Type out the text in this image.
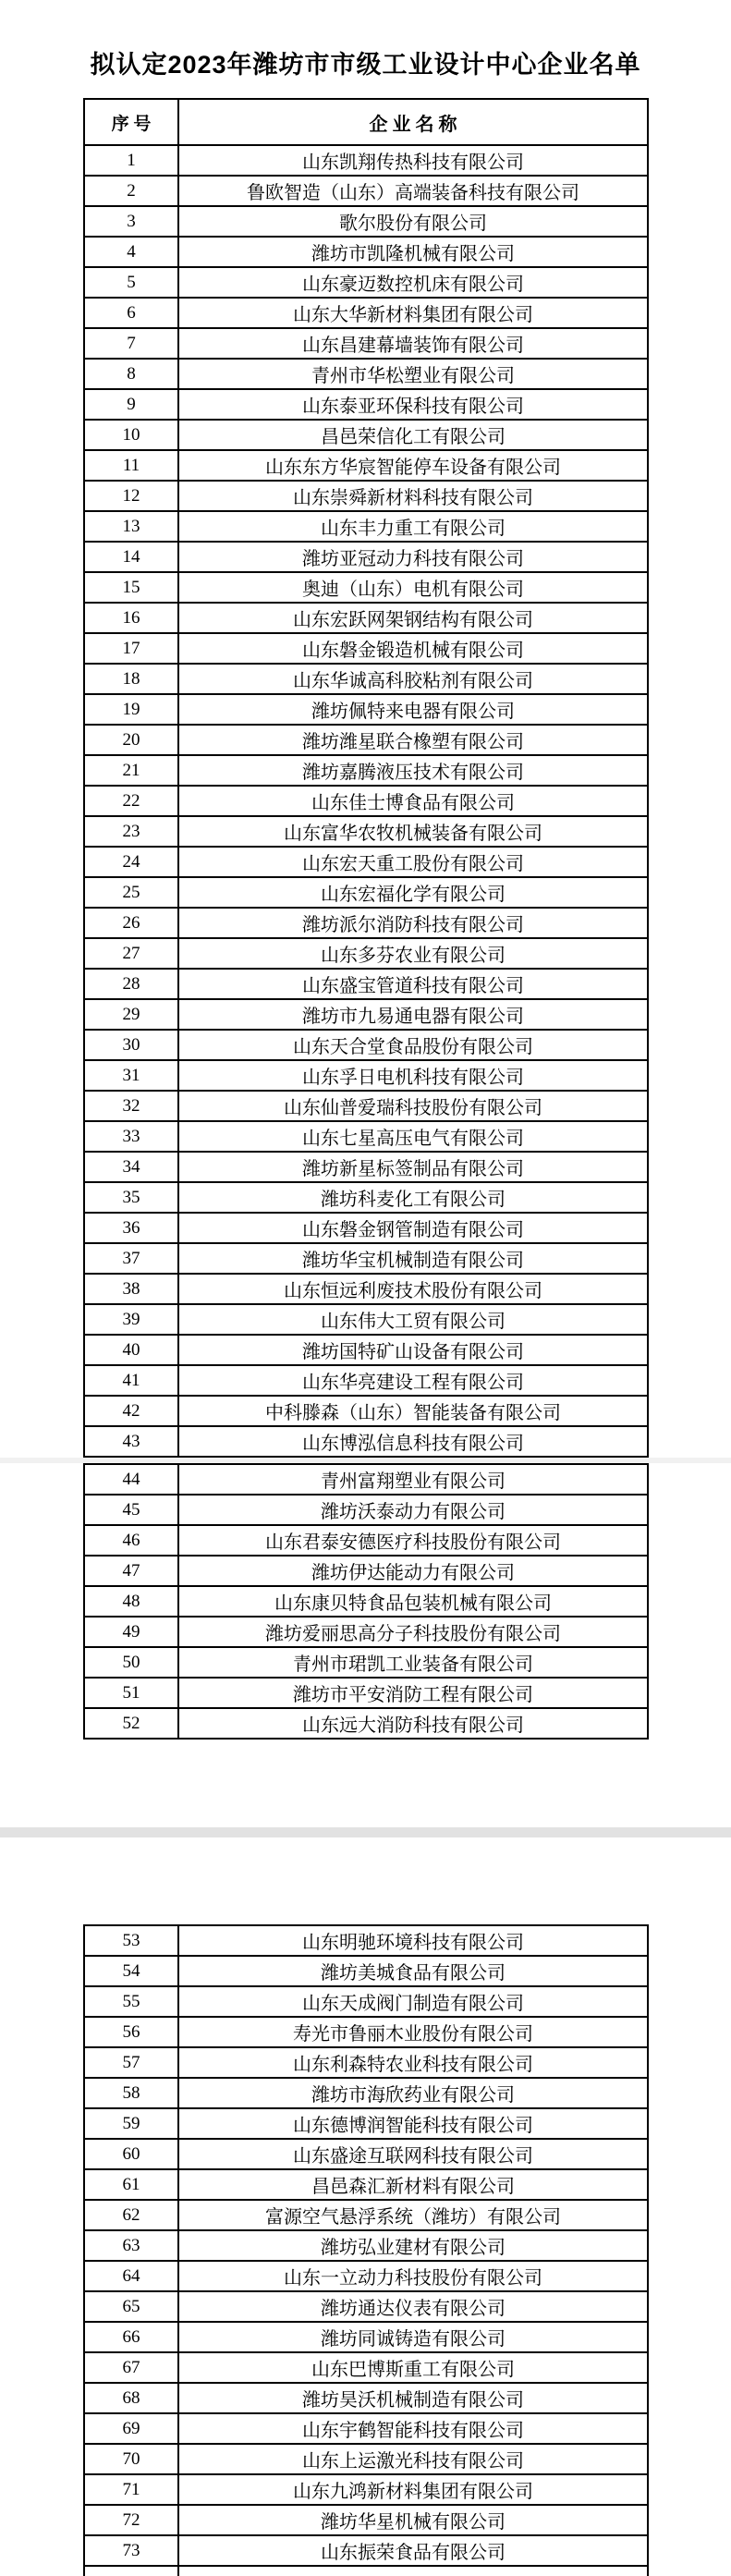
拟认定2023年潍坊市市级工业设计中心企业名单
序 号	企 业 名 称
1	山东凯翔传热科技有限公司
2	鲁欧智造（山东）高端装备科技有限公司
3	歌尔股份有限公司
4	潍坊市凯隆机械有限公司
5	山东豪迈数控机床有限公司
6	山东大华新材料集团有限公司
7	山东昌建幕墙装饰有限公司
8	青州市华松塑业有限公司
9	山东泰亚环保科技有限公司
10	昌邑荣信化工有限公司
11	山东东方华宸智能停车设备有限公司
12	山东崇舜新材料科技有限公司
13	山东丰力重工有限公司
14	潍坊亚冠动力科技有限公司
15	奥迪（山东）电机有限公司
16	山东宏跃网架钢结构有限公司
17	山东磐金锻造机械有限公司
18	山东华诚高科胶粘剂有限公司
19	潍坊佩特来电器有限公司
20	潍坊潍星联合橡塑有限公司
21	潍坊嘉腾液压技术有限公司
22	山东佳士博食品有限公司
23	山东富华农牧机械装备有限公司
24	山东宏天重工股份有限公司
25	山东宏福化学有限公司
26	潍坊派尔消防科技有限公司
27	山东多芬农业有限公司
28	山东盛宝管道科技有限公司
29	潍坊市九易通电器有限公司
30	山东天合堂食品股份有限公司
31	山东孚日电机科技有限公司
32	山东仙普爱瑞科技股份有限公司
33	山东七星高压电气有限公司
34	潍坊新星标签制品有限公司
35	潍坊科麦化工有限公司
36	山东磐金钢管制造有限公司
37	潍坊华宝机械制造有限公司
38	山东恒远利废技术股份有限公司
39	山东伟大工贸有限公司
40	潍坊国特矿山设备有限公司
41	山东华亮建设工程有限公司
42	中科滕森（山东）智能装备有限公司
43	山东博泓信息科技有限公司
44	青州富翔塑业有限公司
45	潍坊沃泰动力有限公司
46	山东君泰安德医疗科技股份有限公司
47	潍坊伊达能动力有限公司
48	山东康贝特食品包装机械有限公司
49	潍坊爱丽思高分子科技股份有限公司
50	青州市珺凯工业装备有限公司
51	潍坊市平安消防工程有限公司
52	山东远大消防科技有限公司
53	山东明驰环境科技有限公司
54	潍坊美城食品有限公司
55	山东天成阀门制造有限公司
56	寿光市鲁丽木业股份有限公司
57	山东利森特农业科技有限公司
58	潍坊市海欣药业有限公司
59	山东德博润智能科技有限公司
60	山东盛途互联网科技有限公司
61	昌邑森汇新材料有限公司
62	富源空气悬浮系统（潍坊）有限公司
63	潍坊弘业建材有限公司
64	山东一立动力科技股份有限公司
65	潍坊通达仪表有限公司
66	潍坊同诚铸造有限公司
67	山东巴博斯重工有限公司
68	潍坊昊沃机械制造有限公司
69	山东宇鹤智能科技有限公司
70	山东上运激光科技有限公司
71	山东九鸿新材料集团有限公司
72	潍坊华星机械有限公司
73	山东振荣食品有限公司
